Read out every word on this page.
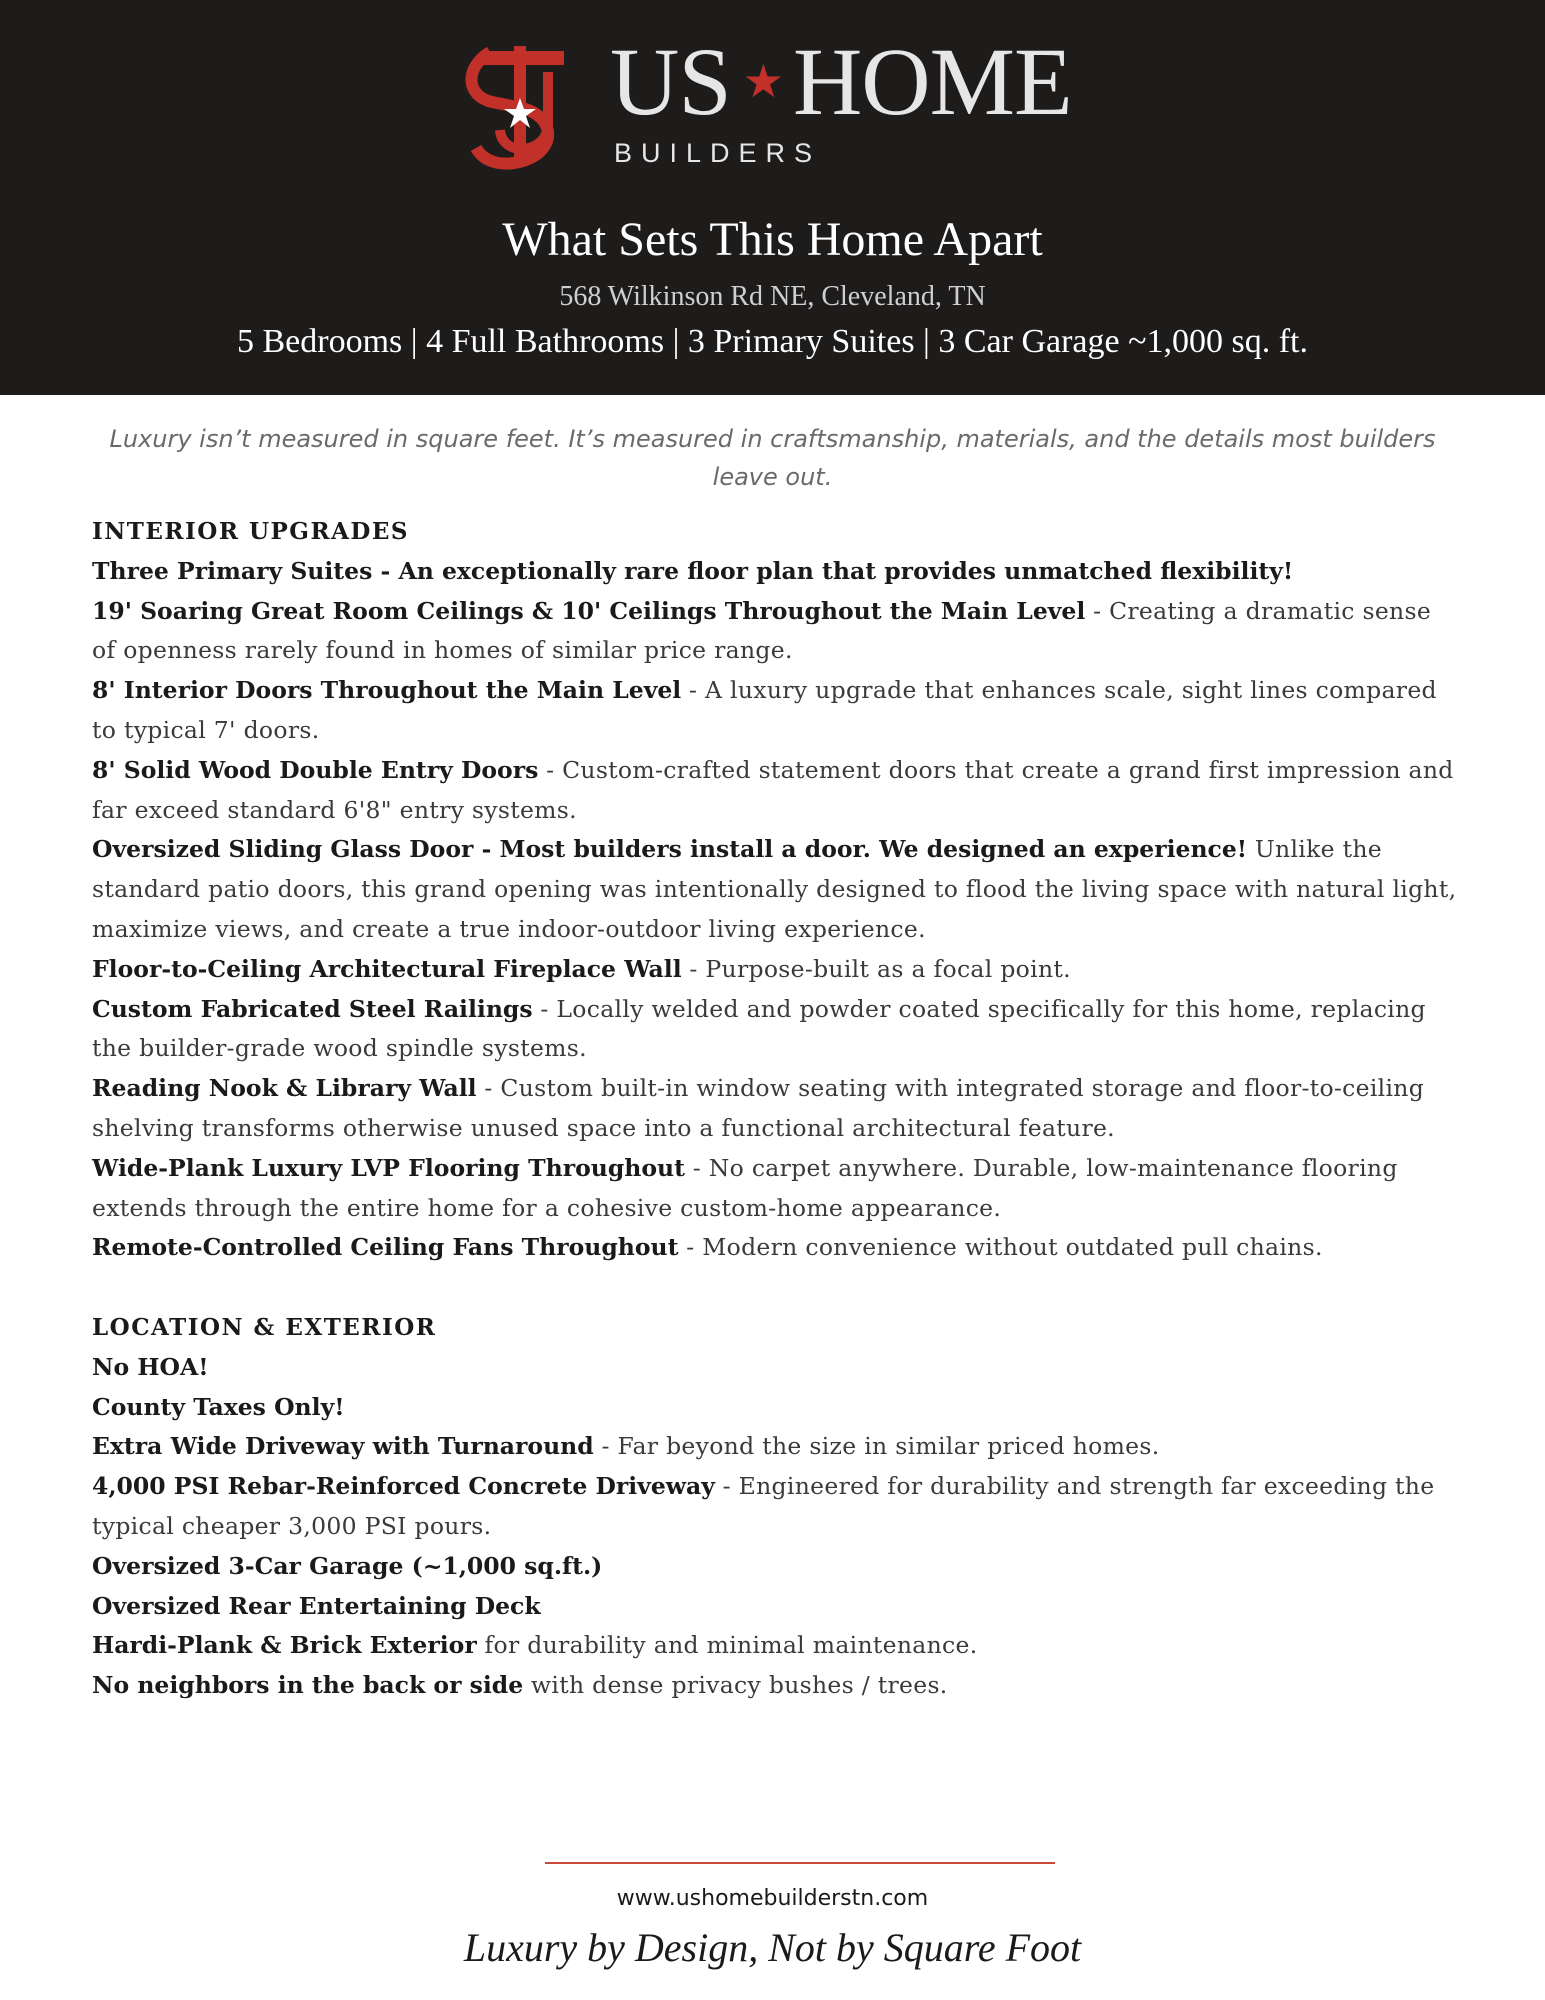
US ★ HOME
BUILDERS
What Sets This Home Apart
568 Wilkinson Rd NE, Cleveland, TN
5 Bedrooms | 4 Full Bathrooms | 3 Primary Suites | 3 Car Garage ~1,000 sq. ft.
Luxury isn’t measured in square feet. It’s measured in craftsmanship, materials, and the details most builders leave out.
INTERIOR UPGRADES
Three Primary Suites - An exceptionally rare floor plan that provides unmatched flexibility!
19' Soaring Great Room Ceilings & 10' Ceilings Throughout the Main Level - Creating a dramatic sense of openness rarely found in homes of similar price range.
8' Interior Doors Throughout the Main Level - A luxury upgrade that enhances scale, sight lines compared to typical 7' doors.
8' Solid Wood Double Entry Doors - Custom-crafted statement doors that create a grand first impression and far exceed standard 6'8" entry systems.
Oversized Sliding Glass Door - Most builders install a door. We designed an experience! Unlike the standard patio doors, this grand opening was intentionally designed to flood the living space with natural light, maximize views, and create a true indoor-outdoor living experience.
Floor-to-Ceiling Architectural Fireplace Wall - Purpose-built as a focal point.
Custom Fabricated Steel Railings - Locally welded and powder coated specifically for this home, replacing the builder-grade wood spindle systems.
Reading Nook & Library Wall - Custom built-in window seating with integrated storage and floor-to-ceiling shelving transforms otherwise unused space into a functional architectural feature.
Wide-Plank Luxury LVP Flooring Throughout - No carpet anywhere. Durable, low-maintenance flooring extends through the entire home for a cohesive custom-home appearance.
Remote-Controlled Ceiling Fans Throughout - Modern convenience without outdated pull chains.
LOCATION & EXTERIOR
No HOA!
County Taxes Only!
Extra Wide Driveway with Turnaround - Far beyond the size in similar priced homes.
4,000 PSI Rebar-Reinforced Concrete Driveway - Engineered for durability and strength far exceeding the typical cheaper 3,000 PSI pours.
Oversized 3-Car Garage (~1,000 sq.ft.)
Oversized Rear Entertaining Deck
Hardi-Plank & Brick Exterior for durability and minimal maintenance.
No neighbors in the back or side with dense privacy bushes / trees.
www.ushomebuilderstn.com
Luxury by Design, Not by Square Foot
